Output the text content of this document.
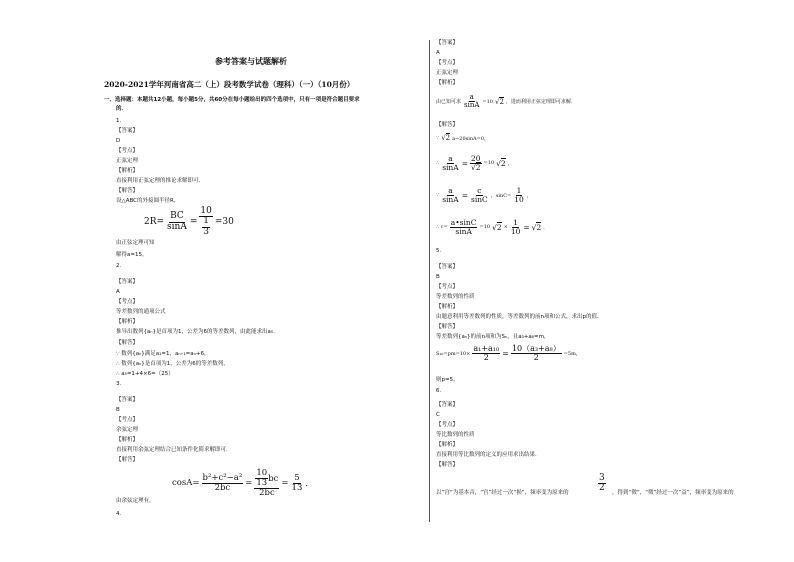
参考答案与试题解析
2020-2021学年河南省高二（上）段考数学试卷（理科）（一）（10月份）
一、选择题：本题共12小题，每小题5分，共60分在每小题给出的四个选项中，只有一项是符合题目要求
的．
1.
【答案】
D
【考点】
正弦定理
【解析】
直接利用正弦定理的推论求解即可．
【解答】
设△ABC的外接圆半径R，
$2R= \frac{BC}{\sin A} = \frac{10}{\frac{1}{3}} =30$
由正弦定理可知
解得a=15，
2.
【答案】
A
【考点】
等差数列的通项公式
【解析】
推导出数列{aₙ}是首项为1，公差为6的等差数列，由此能求出a₅．
【解答】
∵ 数列{aₙ}满足a₁=1，aₙ₊₁=aₙ+6，
∴ 数列{aₙ}是首项为1，公差为6的等差数列，
∴ a₅=1+4×6=（25）
3.
【答案】
B
【考点】
余弦定理
【解析】
直接利用余弦定理结合已知条件化简求解即可．
【解答】
由余弦定理有，
$\cos A= \frac{\text{b²+c²−a²}}{2bc} = \frac{\frac{10}{13} bc}{2bc} = \frac{5}{13}$ ．
4.
【答案】
A
【考点】
正弦定理
【解析】
由已知可求 $\frac{a}{\sin A} =10$ √2 ，进而利用正弦定理即可求解．
【解答】
∵ √2 a−20sinA=0，
∴ $\frac{a}{\sin A} = \frac{20}{√2} =10$ √2 ，
∵ $\frac{a}{\sin A} = \frac{c}{\sin C}$ ，$\sin C= \frac{1}{10}$ ，
∴ $c= \frac{a•\sin C}{\sin A} =10$ $√2 \times \frac{1}{10} = √2$ ．
5.
【答案】
B
【考点】
等差数列的性质
【解析】
由题意利用等差数列的性质，等差数列的前n项和公式，求出p的值．
【解答】
等差数列{aₙ}的前n项和为Sₙ，且a₃+a₈=m，
$S_{10}=pm=10\times \frac{\text{a₁+a₁₀}}{2} = \frac{\text{10（a₃+a₈）}}{2} =5m$，
则p=5，
6.
【答案】
C
【考点】
等比数列的性质
【解析】
直接利用等比数列的定义的应用求出结果．
【解答】
$\frac{3}{2}$
以“宫”为基本音，“宫”经过一次“损”，频率变为原来的	，得到“徵”，“徵”经过一次“益”，频率变为原来的
